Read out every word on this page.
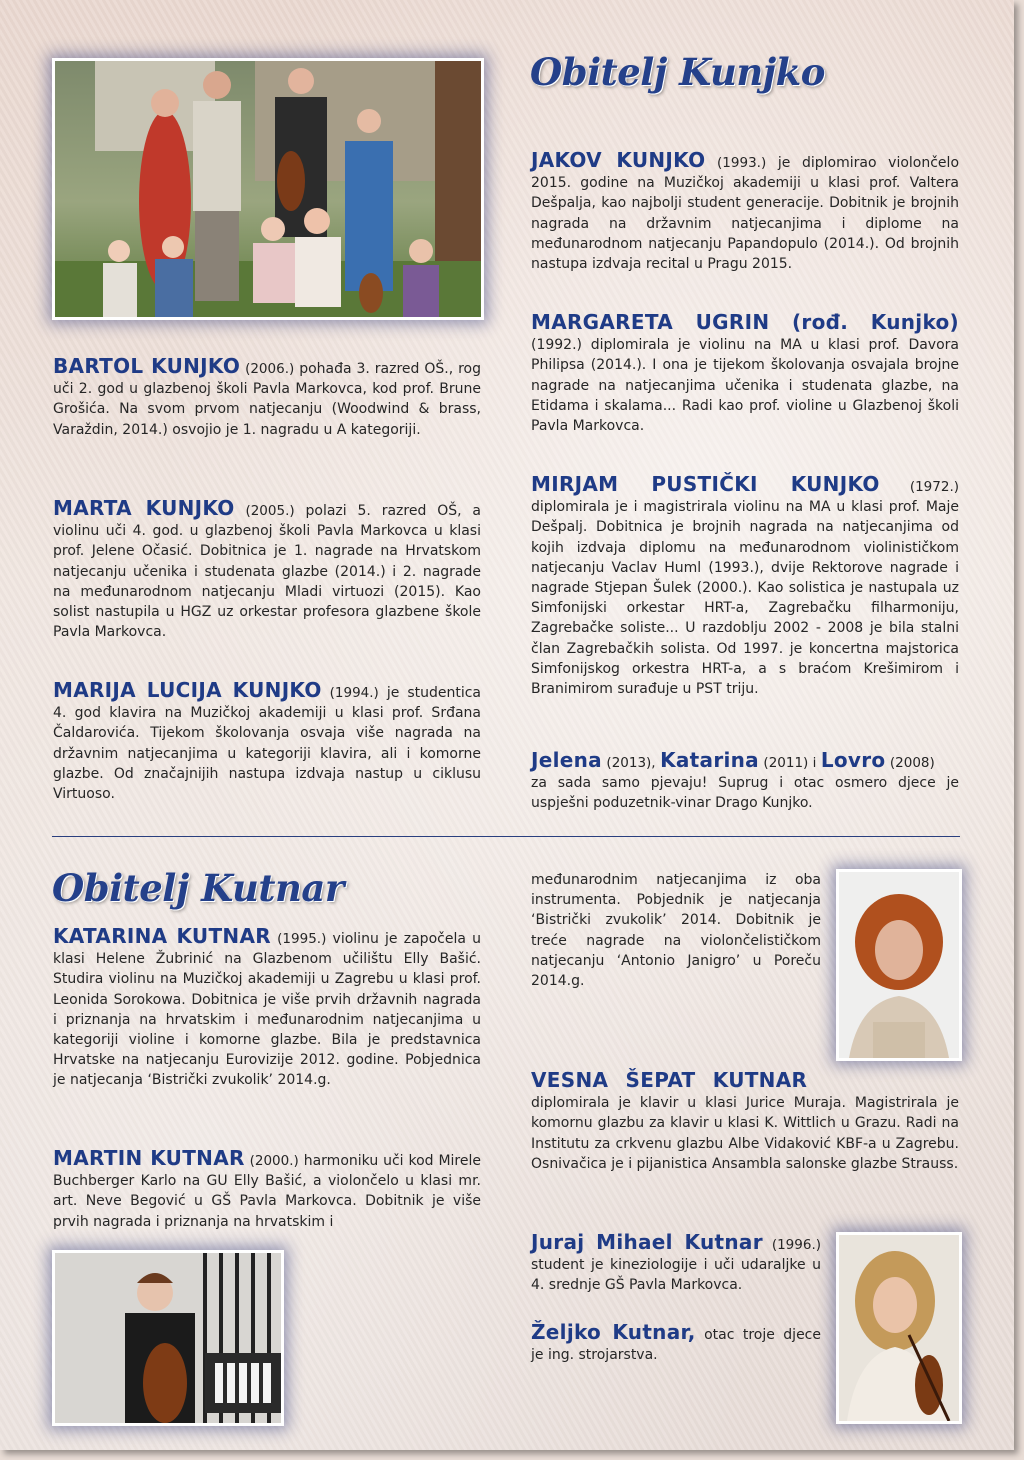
Obitelj Kunjko

JAKOV KUNJKO (1993.) je diplomirao violončelo 2015. godine na Muzičkoj akademiji u klasi prof. Valtera Dešpalja, kao najbolji student generacije. Dobitnik je brojnih nagrada na državnim natjecanjima i diplome na međunarodnom natjecanju Papandopulo (2014.). Od brojnih nastupa izdvaja recital u Pragu 2015.

MARGARETA UGRIN (rođ. Kunjko) (1992.) diplomirala je violinu na MA u klasi prof. Davora Philipsa (2014.). I ona je tijekom školovanja osvajala brojne nagrade na natjecanjima učenika i studenata glazbe, na Etidama i skalama... Radi kao prof. violine u Glazbenoj školi Pavla Markovca.

MIRJAM PUSTIČKI KUNJKO (1972.) diplomirala je i magistrirala violinu na MA u klasi prof. Maje Dešpalj. Dobitnica je brojnih nagrada na natjecanjima od kojih izdvaja diplomu na međunarodnom violinističkom natjecanju Vaclav Huml (1993.), dvije Rektorove nagrade i nagrade Stjepan Šulek (2000.). Kao solistica je nastupala uz Simfonijski orkestar HRT-a, Zagrebačku filharmoniju, Zagrebačke soliste... U razdoblju 2002 - 2008 je bila stalni član Zagrebačkih solista. Od 1997. je koncertna majstorica Simfonijskog orkestra HRT-a, a s braćom Krešimirom i Branimirom surađuje u PST triju.

Jelena (2013), Katarina (2011) i Lovro (2008)
za sada samo pjevaju! Suprug i otac osmero djece je uspješni poduzetnik-vinar Drago Kunjko.

BARTOL KUNJKO (2006.) pohađa 3. razred OŠ., rog uči 2. god u glazbenoj školi Pavla Markovca, kod prof. Brune Grošića. Na svom prvom natjecanju (Woodwind & brass, Varaždin, 2014.) osvojio je 1. nagradu u A kategoriji.

MARTA KUNJKO (2005.) polazi 5. razred OŠ, a violinu uči 4. god. u glazbenoj školi Pavla Markovca u klasi prof. Jelene Očasić. Dobitnica je 1. nagrade na Hrvatskom natjecanju učenika i studenata glazbe (2014.) i 2. nagrade na međunarodnom natjecanju Mladi virtuozi (2015). Kao solist nastupila u HGZ uz orkestar profesora glazbene škole Pavla Markovca.

MARIJA LUCIJA KUNJKO (1994.) je studentica 4. god klavira na Muzičkoj akademiji u klasi prof. Srđana Čaldarovića. Tijekom školovanja osvaja više nagrada na državnim natjecanjima u kategoriji klavira, ali i komorne glazbe. Od značajnijih nastupa izdvaja nastup u ciklusu Virtuoso.

Obitelj Kutnar

KATARINA KUTNAR (1995.) violinu je započela u klasi Helene Žubrinić na Glazbenom učilištu Elly Bašić. Studira violinu na Muzičkoj akademiji u Zagrebu u klasi prof. Leonida Sorokowa. Dobitnica je više prvih državnih nagrada i priznanja na hrvatskim i međunarodnim natjecanjima u kategoriji violine i komorne glazbe. Bila je predstavnica Hrvatske na natjecanju Eurovizije 2012. godine. Pobjednica je natjecanja ‘Bistrički zvukolik’ 2014.g.

MARTIN KUTNAR (2000.) harmoniku uči kod Mirele Buchberger Karlo na GU Elly Bašić, a violončelo u klasi mr. art. Neve Begović u GŠ Pavla Markovca. Dobitnik je više prvih nagrada i priznanja na hrvatskim i

međunarodnim natjecanjima iz oba instrumenta. Pobjednik je natjecanja ‘Bistrički zvukolik’ 2014. Dobitnik je treće nagrade na violončelističkom natjecanju ‘Antonio Janigro’ u Poreču 2014.g.

VESNA ŠEPAT KUTNAR
diplomirala je klavir u klasi Jurice Muraja. Magistrirala je komornu glazbu za klavir u klasi K. Wittlich u Grazu. Radi na Institutu za crkvenu glazbu Albe Vidaković KBF-a u Zagrebu. Osnivačica je i pijanistica Ansambla salonske glazbe Strauss.

Juraj Mihael Kutnar (1996.) student je kineziologije i uči udaraljke u 4. srednje GŠ Pavla Markovca.

Željko Kutnar, otac troje djece je ing. strojarstva.
